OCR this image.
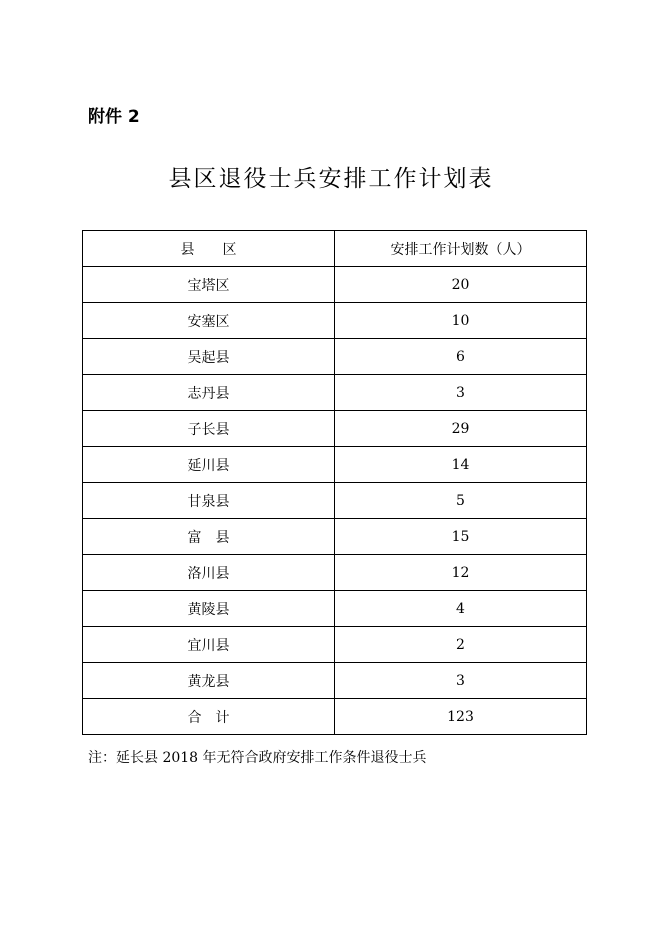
附件 2
县区退役士兵安排工作计划表
县　　区	安排工作计划数（人）
宝塔区	20
安塞区	10
吴起县	6
志丹县	3
子长县	29
延川县	14
甘泉县	5
富　县	15
洛川县	12
黄陵县	4
宜川县	2
黄龙县	3
合　计	123
注：延长县 2018 年无符合政府安排工作条件退役士兵
